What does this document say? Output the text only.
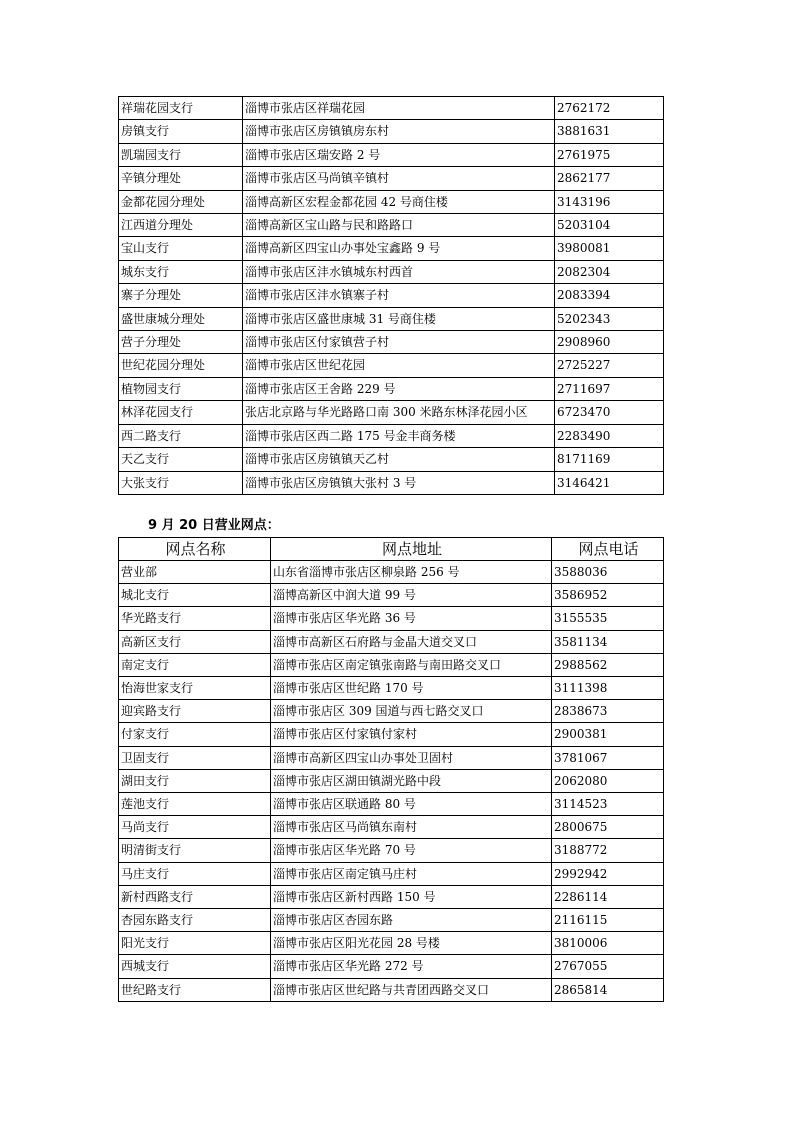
祥瑞花园支行	淄博市张店区祥瑞花园	2762172
房镇支行	淄博市张店区房镇镇房东村	3881631
凯瑞园支行	淄博市张店区瑞安路 2 号	2761975
辛镇分理处	淄博市张店区马尚镇辛镇村	2862177
金都花园分理处	淄博高新区宏程金都花园 42 号商住楼	3143196
江西道分理处	淄博高新区宝山路与民和路路口	5203104
宝山支行	淄博高新区四宝山办事处宝鑫路 9 号	3980081
城东支行	淄博市张店区沣水镇城东村西首	2082304
寨子分理处	淄博市张店区沣水镇寨子村	2083394
盛世康城分理处	淄博市张店区盛世康城 31 号商住楼	5202343
营子分理处	淄博市张店区付家镇营子村	2908960
世纪花园分理处	淄博市张店区世纪花园	2725227
植物园支行	淄博市张店区王舍路 229 号	2711697
林泽花园支行	张店北京路与华光路路口南 300 米路东林泽花园小区	6723470
西二路支行	淄博市张店区西二路 175 号金丰商务楼	2283490
天乙支行	淄博市张店区房镇镇天乙村	8171169
大张支行	淄博市张店区房镇镇大张村 3 号	3146421
9 月 20 日营业网点：
网点名称	网点地址	网点电话
营业部	山东省淄博市张店区柳泉路 256 号	3588036
城北支行	淄博高新区中润大道 99 号	3586952
华光路支行	淄博市张店区华光路 36 号	3155535
高新区支行	淄博市高新区石府路与金晶大道交叉口	3581134
南定支行	淄博市张店区南定镇张南路与南田路交叉口	2988562
怡海世家支行	淄博市张店区世纪路 170 号	3111398
迎宾路支行	淄博市张店区 309 国道与西七路交叉口	2838673
付家支行	淄博市张店区付家镇付家村	2900381
卫固支行	淄博市高新区四宝山办事处卫固村	3781067
湖田支行	淄博市张店区湖田镇湖光路中段	2062080
莲池支行	淄博市张店区联通路 80 号	3114523
马尚支行	淄博市张店区马尚镇东南村	2800675
明清街支行	淄博市张店区华光路 70 号	3188772
马庄支行	淄博市张店区南定镇马庄村	2992942
新村西路支行	淄博市张店区新村西路 150 号	2286114
杏园东路支行	淄博市张店区杏园东路	2116115
阳光支行	淄博市张店区阳光花园 28 号楼	3810006
西城支行	淄博市张店区华光路 272 号	2767055
世纪路支行	淄博市张店区世纪路与共青团西路交叉口	2865814
